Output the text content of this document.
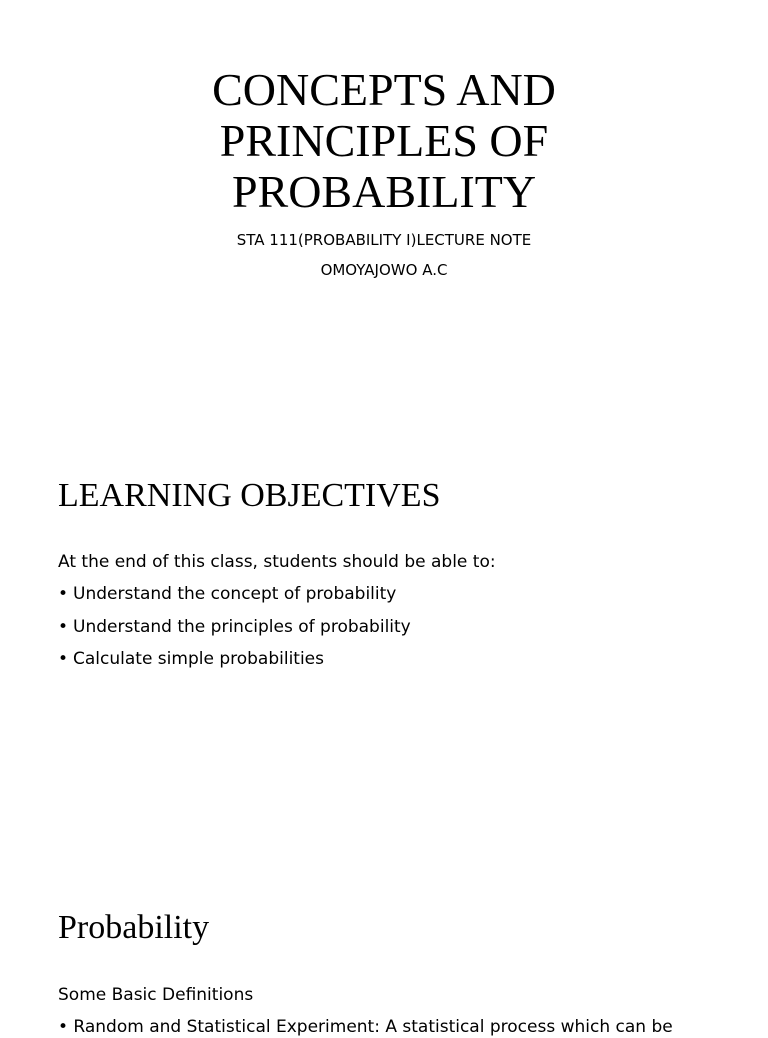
CONCEPTS AND
PRINCIPLES OF
PROBABILITY
STA 111(PROBABILITY I)LECTURE NOTE
OMOYAJOWO A.C
LEARNING OBJECTIVES
At the end of this class, students should be able to:
• Understand the concept of probability
• Understand the principles of probability
• Calculate simple probabilities
Probability
Some Basic Definitions
• Random and Statistical Experiment: A statistical process which can be
